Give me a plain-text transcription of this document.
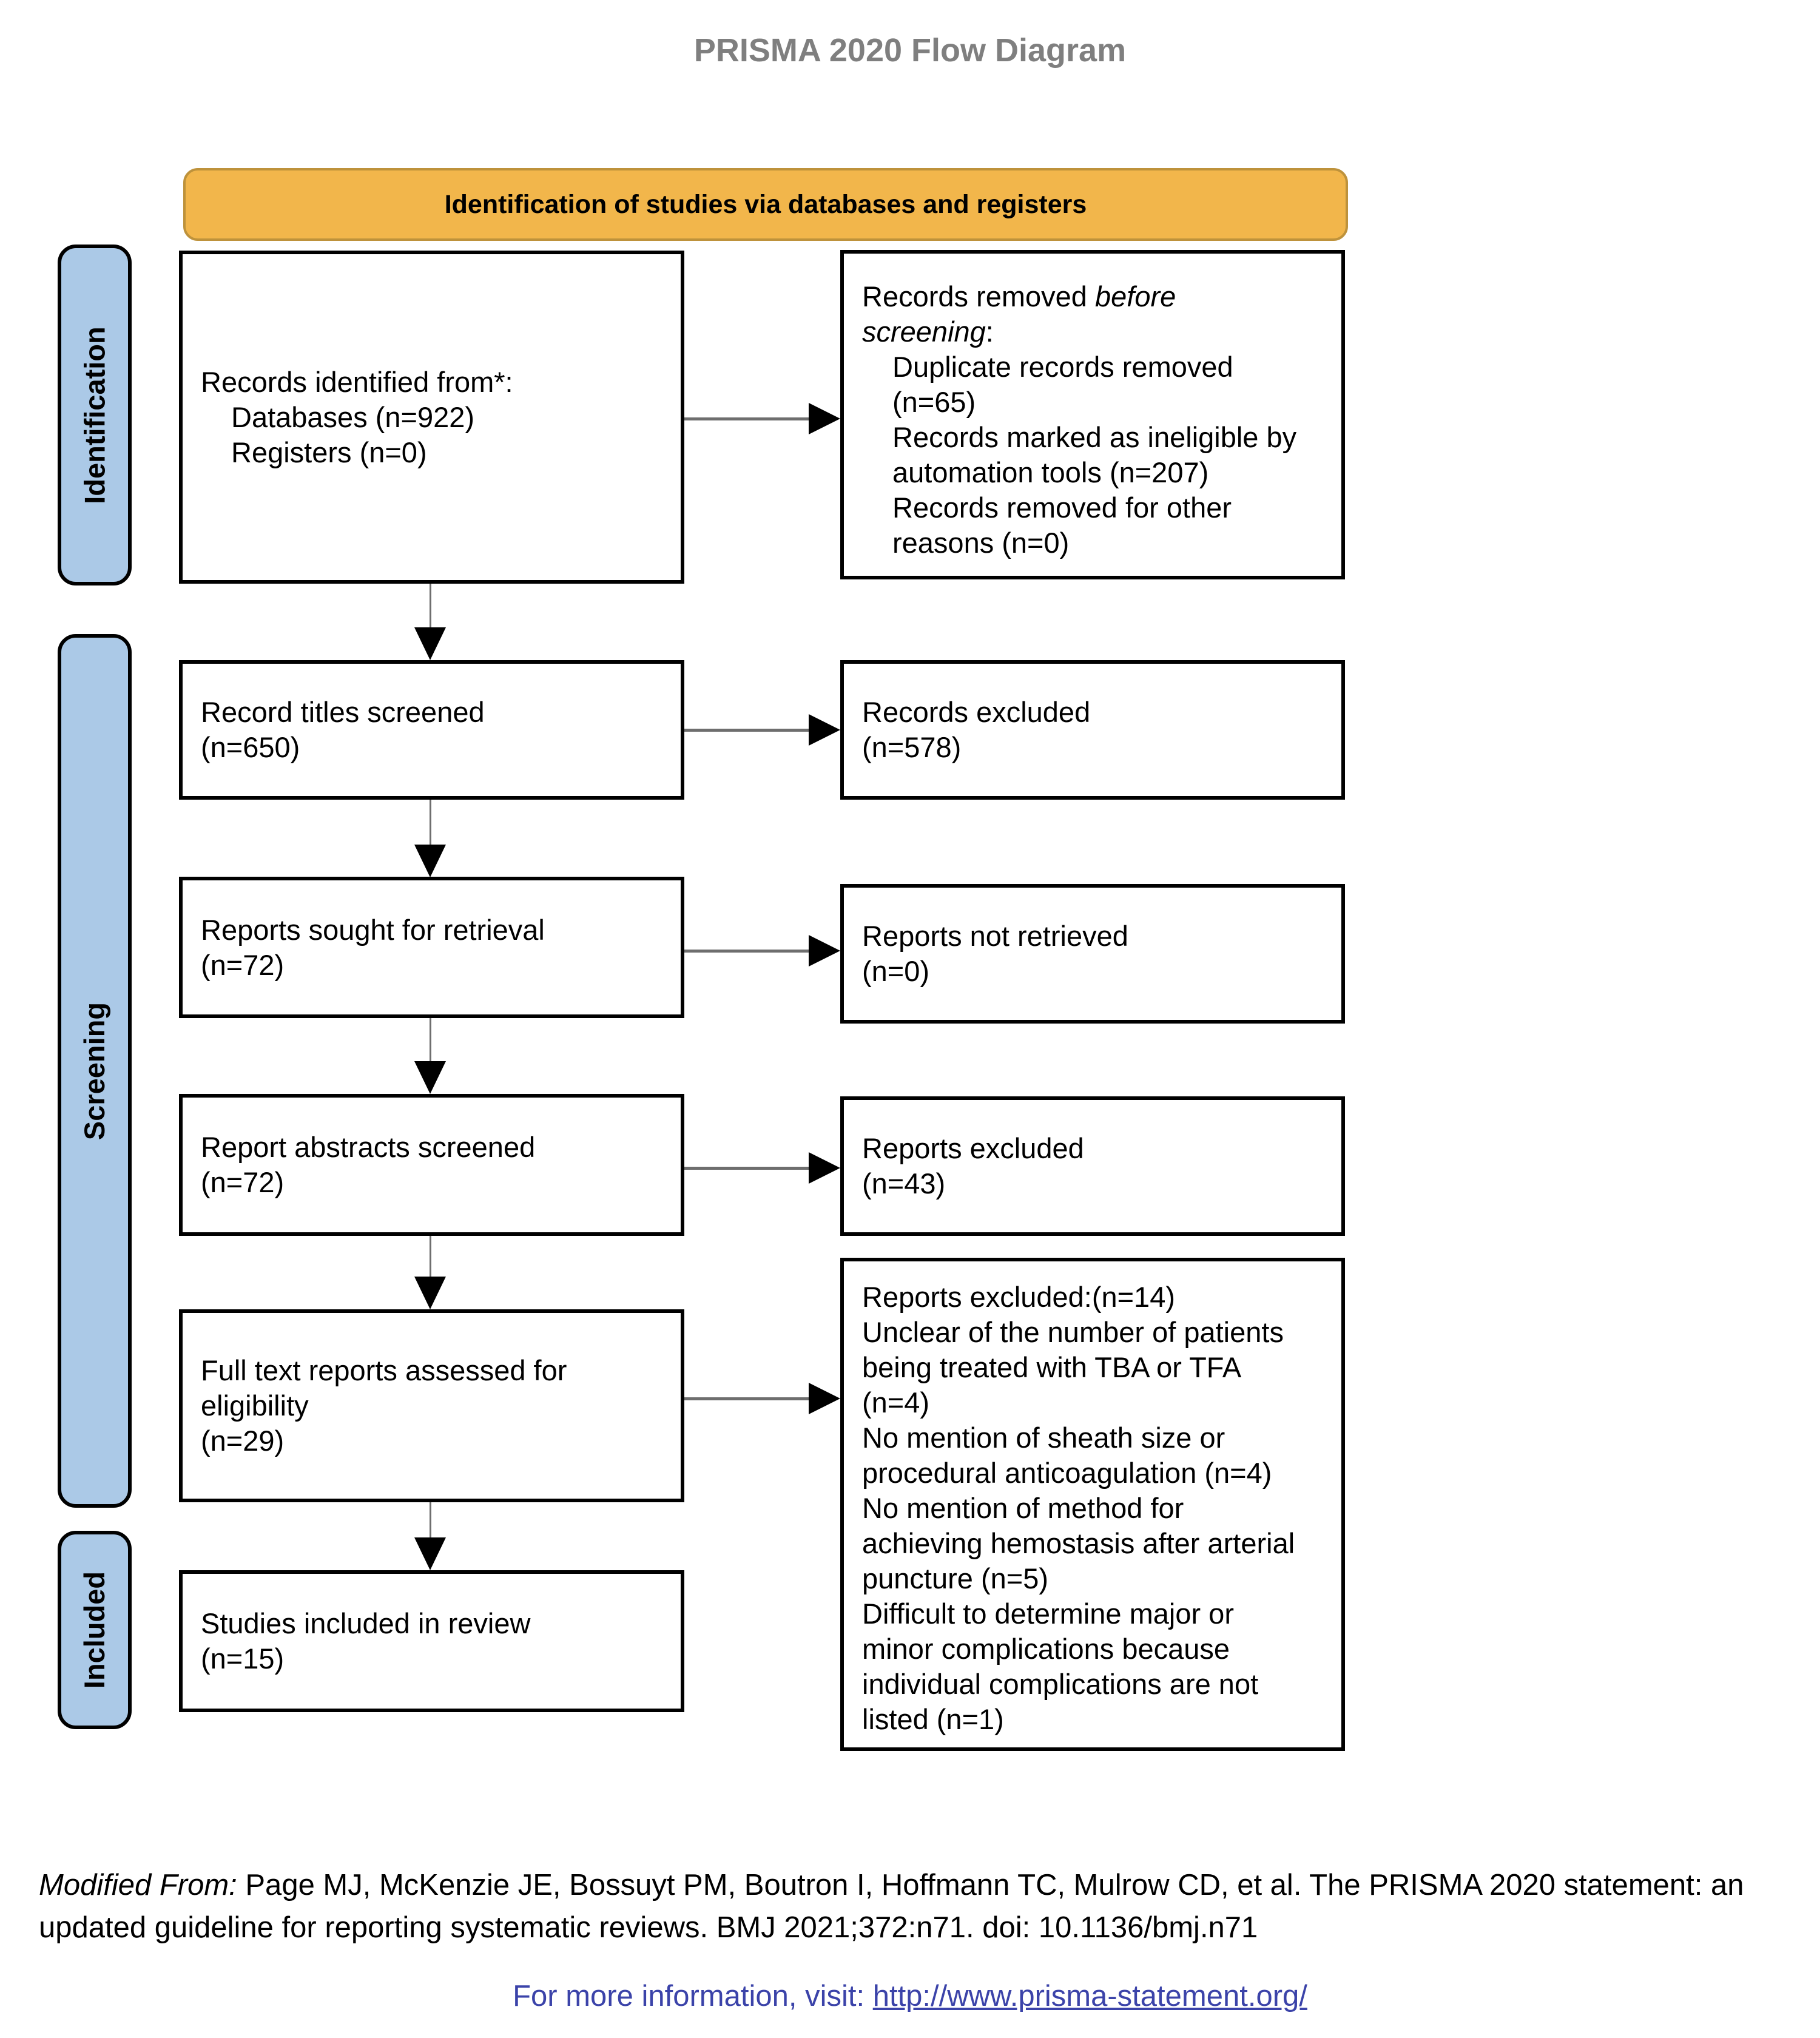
PRISMA 2020 Flow Diagram
Identification of studies via databases and registers
Identification
Screening
Included
Records identified from*:
Databases (n=922)
Registers (n=0)
Record titles screened
(n=650)
Reports sought for retrieval
(n=72)
Report abstracts screened
(n=72)
Full text reports assessed for
eligibility
(n=29)
Studies included in review
(n=15)
Records removed before
screening:
Duplicate records removed (n=65)
Records marked as ineligible by automation tools (n=207)
Records removed for other reasons (n=0)
Records excluded
(n=578)
Reports not retrieved
(n=0)
Reports excluded
(n=43)
Reports excluded:(n=14)
Unclear of the number of patients being treated with TBA or TFA (n=4)
No mention of sheath size or procedural anticoagulation (n=4)
No mention of method for achieving hemostasis after arterial puncture (n=5)
Difficult to determine major or minor complications because individual complications are not listed (n=1)
Modified From: Page MJ, McKenzie JE, Bossuyt PM, Boutron I, Hoffmann TC, Mulrow CD, et al. The PRISMA 2020 statement: an updated guideline for reporting systematic reviews. BMJ 2021;372:n71. doi: 10.1136/bmj.n71
For more information, visit: http://www.prisma-statement.org/
